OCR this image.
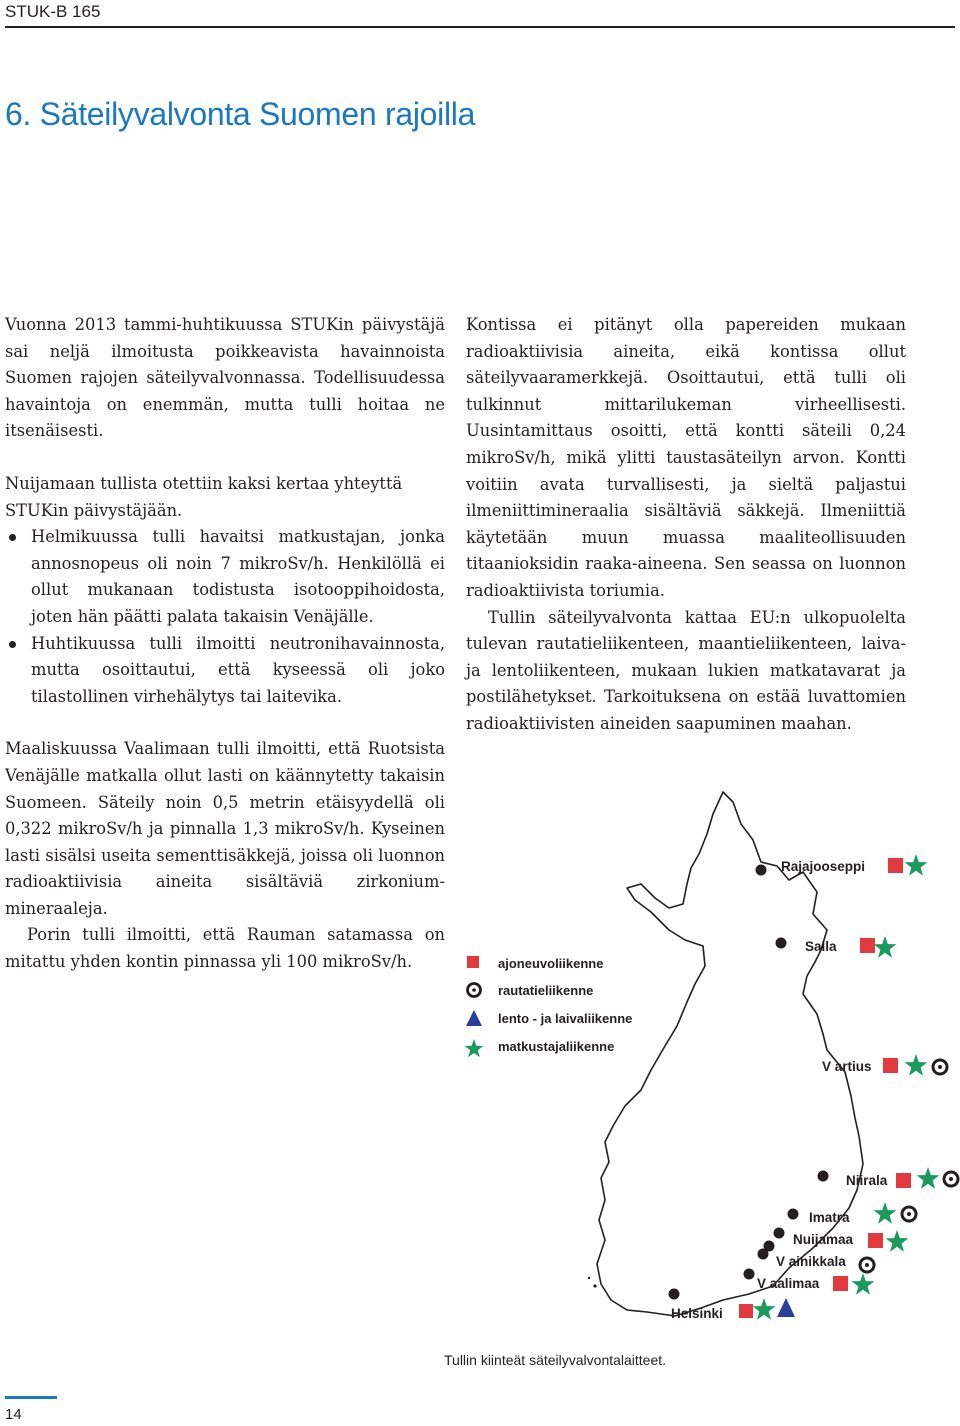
STUK-B 165
6. Säteilyvalvonta Suomen rajoilla

Vuonna 2013 tammi-huhtikuussa STUKin päivystäjä sai neljä ilmoitusta poikkeavista havainnoista Suomen rajojen säteilyvalvonnassa. Todellisuudessa havaintoja on enemmän, mutta tulli hoitaa ne itsenäisesti.

Nuijamaan tullista otettiin kaksi kertaa yhteyttä STUKin päivystäjään.

Helmikuussa tulli havaitsi matkustajan, jonka annosnopeus oli noin 7 mikroSv/h. Henkilöllä ei ollut mukanaan todistusta isotooppihoidosta, joten hän päätti palata takaisin Venäjälle.
Huhtikuussa tulli ilmoitti neutronihavainnosta, mutta osoittautui, että kyseessä oli joko tilastollinen virhehälytys tai laitevika.

Maaliskuussa Vaalimaan tulli ilmoitti, että Ruotsista Venäjälle matkalla ollut lasti on käännytetty takaisin Suomeen. Säteily noin 0,5 metrin etäisyydellä oli 0,322 mikroSv/h ja pinnalla 1,3 mikroSv/h. Kyseinen lasti sisälsi useita sementtisäkkejä, joissa oli luonnon radioaktiivisia aineita sisältäviä zirkonium-mineraaleja.

Porin tulli ilmoitti, että Rauman satamassa on mitattu yhden kontin pinnassa yli 100 mikroSv/h.

Kontissa ei pitänyt olla papereiden mukaan radioaktiivisia aineita, eikä kontissa ollut säteilyvaaramerkkejä. Osoittautui, että tulli oli tulkinnut mittarilukeman virheellisesti. Uusintamittaus osoitti, että kontti säteili 0,24 mikroSv/h, mikä ylitti taustasäteilyn arvon. Kontti voitiin avata turvallisesti, ja sieltä paljastui ilmeniittimineraalia sisältäviä säkkejä. Ilmeniittiä käytetään muun muassa maaliteollisuuden titaanioksidin raaka-aineena. Sen seassa on luonnon radioaktiivista toriumia.

Tullin säteilyvalvonta kattaa EU:n ulkopuolelta tulevan rautatieliikenteen, maantieliikenteen, laiva- ja lentoliikenteen, mukaan lukien matkatavarat ja postilähetykset. Tarkoituksena on estää luvattomien radioaktiivisten aineiden saapuminen maahan.

ajoneuvoliikenne
rautatieliikenne
lento - ja laivaliikenne
matkustajaliikenne
Rajajooseppi
Salla
V artius
Niirala
Imatra
Nuijamaa
V ainikkala
V aalimaa
Helsinki
Tullin kiinteät säteilyvalvontalaitteet.
14
